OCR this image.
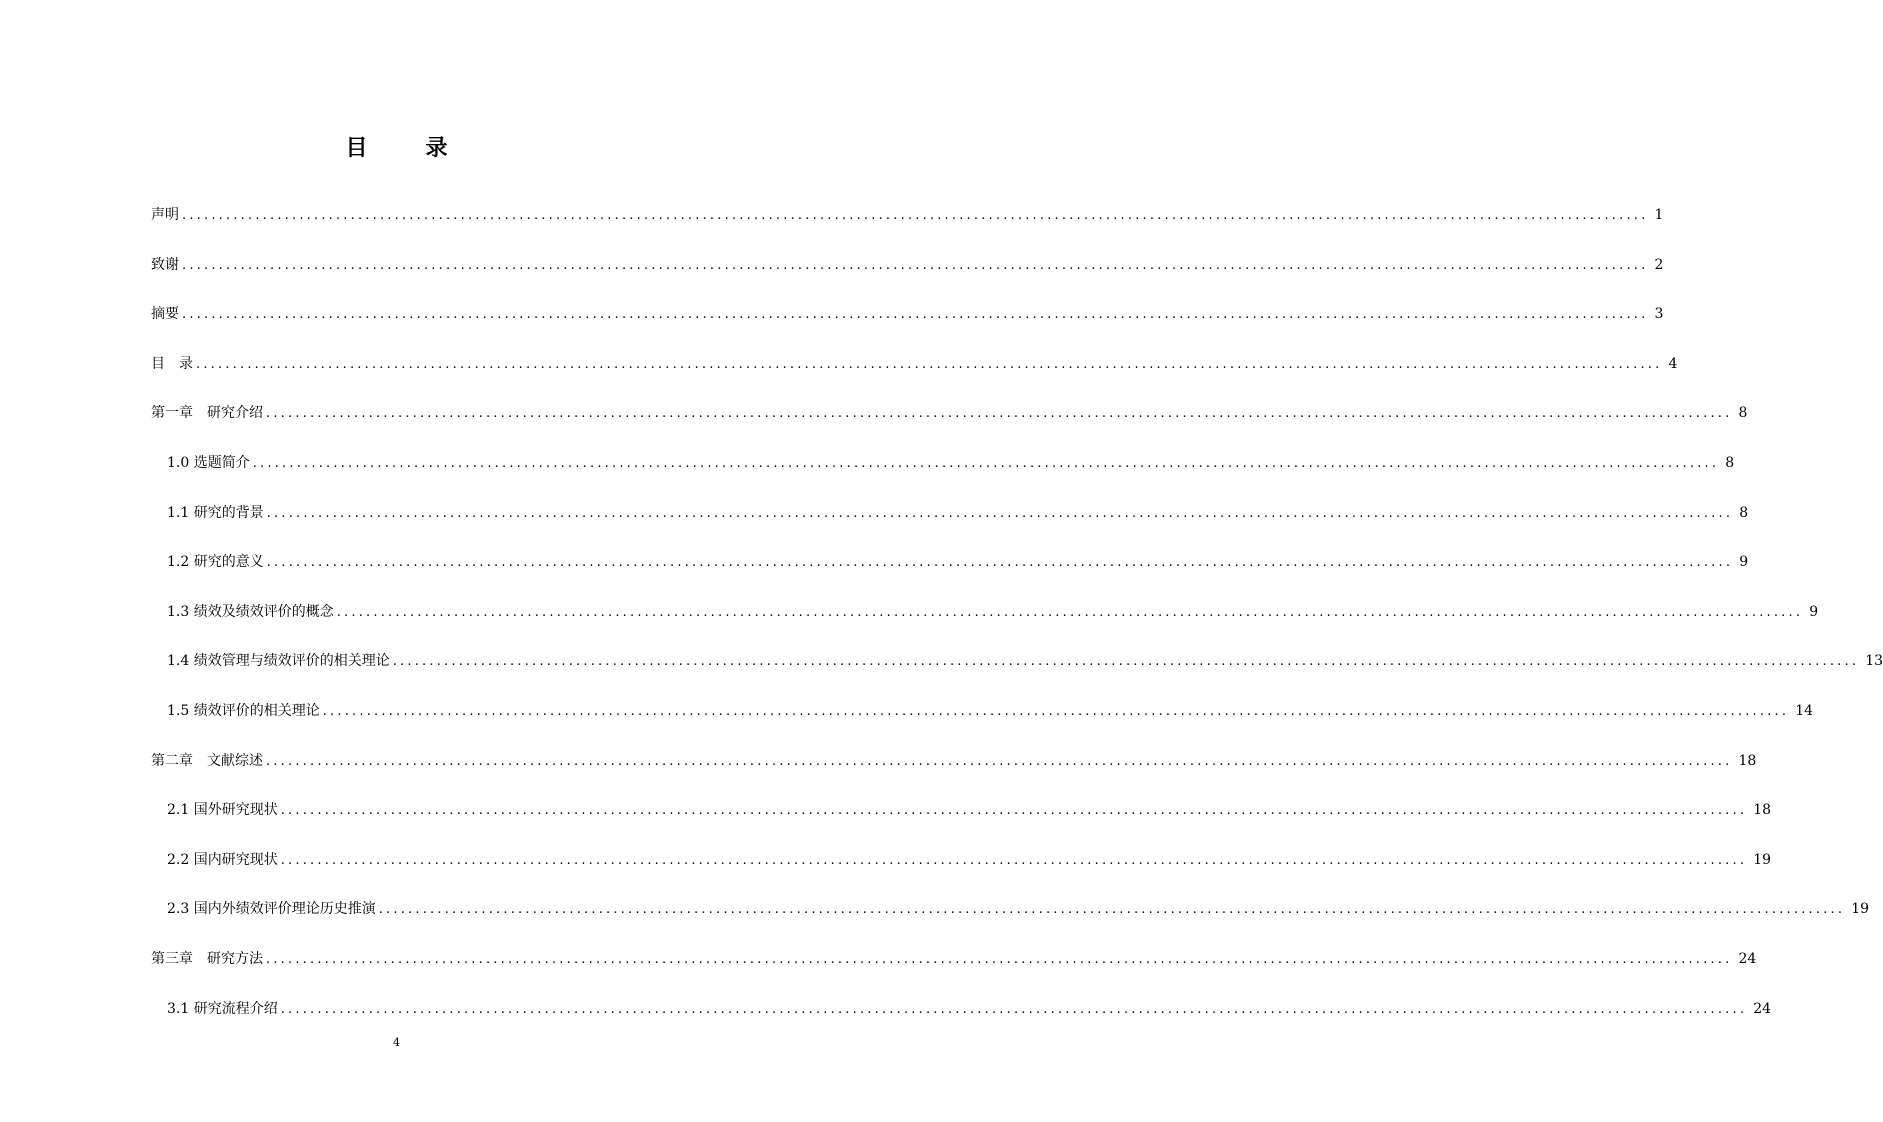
目　录
声明 ........................................................................................................................................................................................................ 1
致谢 ........................................................................................................................................................................................................ 2
摘要 ........................................................................................................................................................................................................ 3
目　录 ........................................................................................................................................................................................................ 4
第一章　研究介绍 ........................................................................................................................................................................................................ 8
1.0 选题简介 ........................................................................................................................................................................................................ 8
1.1 研究的背景 ........................................................................................................................................................................................................ 8
1.2 研究的意义 ........................................................................................................................................................................................................ 9
1.3 绩效及绩效评价的概念 ........................................................................................................................................................................................................ 9
1.4 绩效管理与绩效评价的相关理论 ........................................................................................................................................................................................................ 13
1.5 绩效评价的相关理论 ........................................................................................................................................................................................................ 14
第二章　文献综述 ........................................................................................................................................................................................................ 18
2.1 国外研究现状 ........................................................................................................................................................................................................ 18
2.2 国内研究现状 ........................................................................................................................................................................................................ 19
2.3 国内外绩效评价理论历史推演 ........................................................................................................................................................................................................ 19
第三章　研究方法 ........................................................................................................................................................................................................ 24
3.1 研究流程介绍 ........................................................................................................................................................................................................ 24
4
